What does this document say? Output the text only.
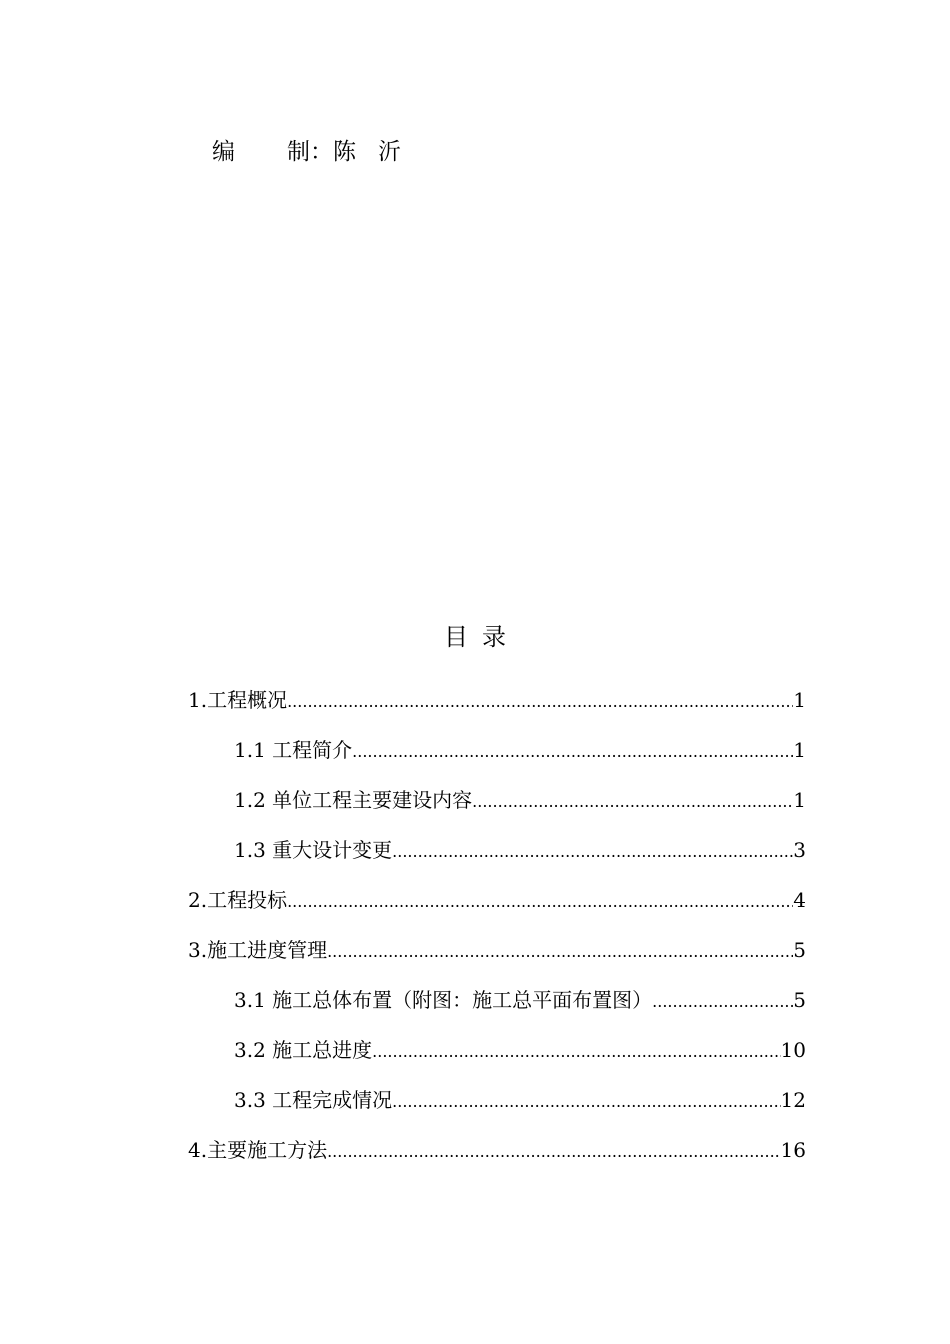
编 制：陈 沂
目录
1.工程概况 .....	1
1.1 工程简介 .....	1
1.2 单位工程主要建设内容 .....	1
1.3 重大设计变更 .....	3
2.工程投标 .....	4
3.施工进度管理 .....	5
3.1 施工总体布置（附图：施工总平面布置图） .....	5
3.2 施工总进度 .....	10
3.3 工程完成情况 .....	12
4.主要施工方法 .....	16
